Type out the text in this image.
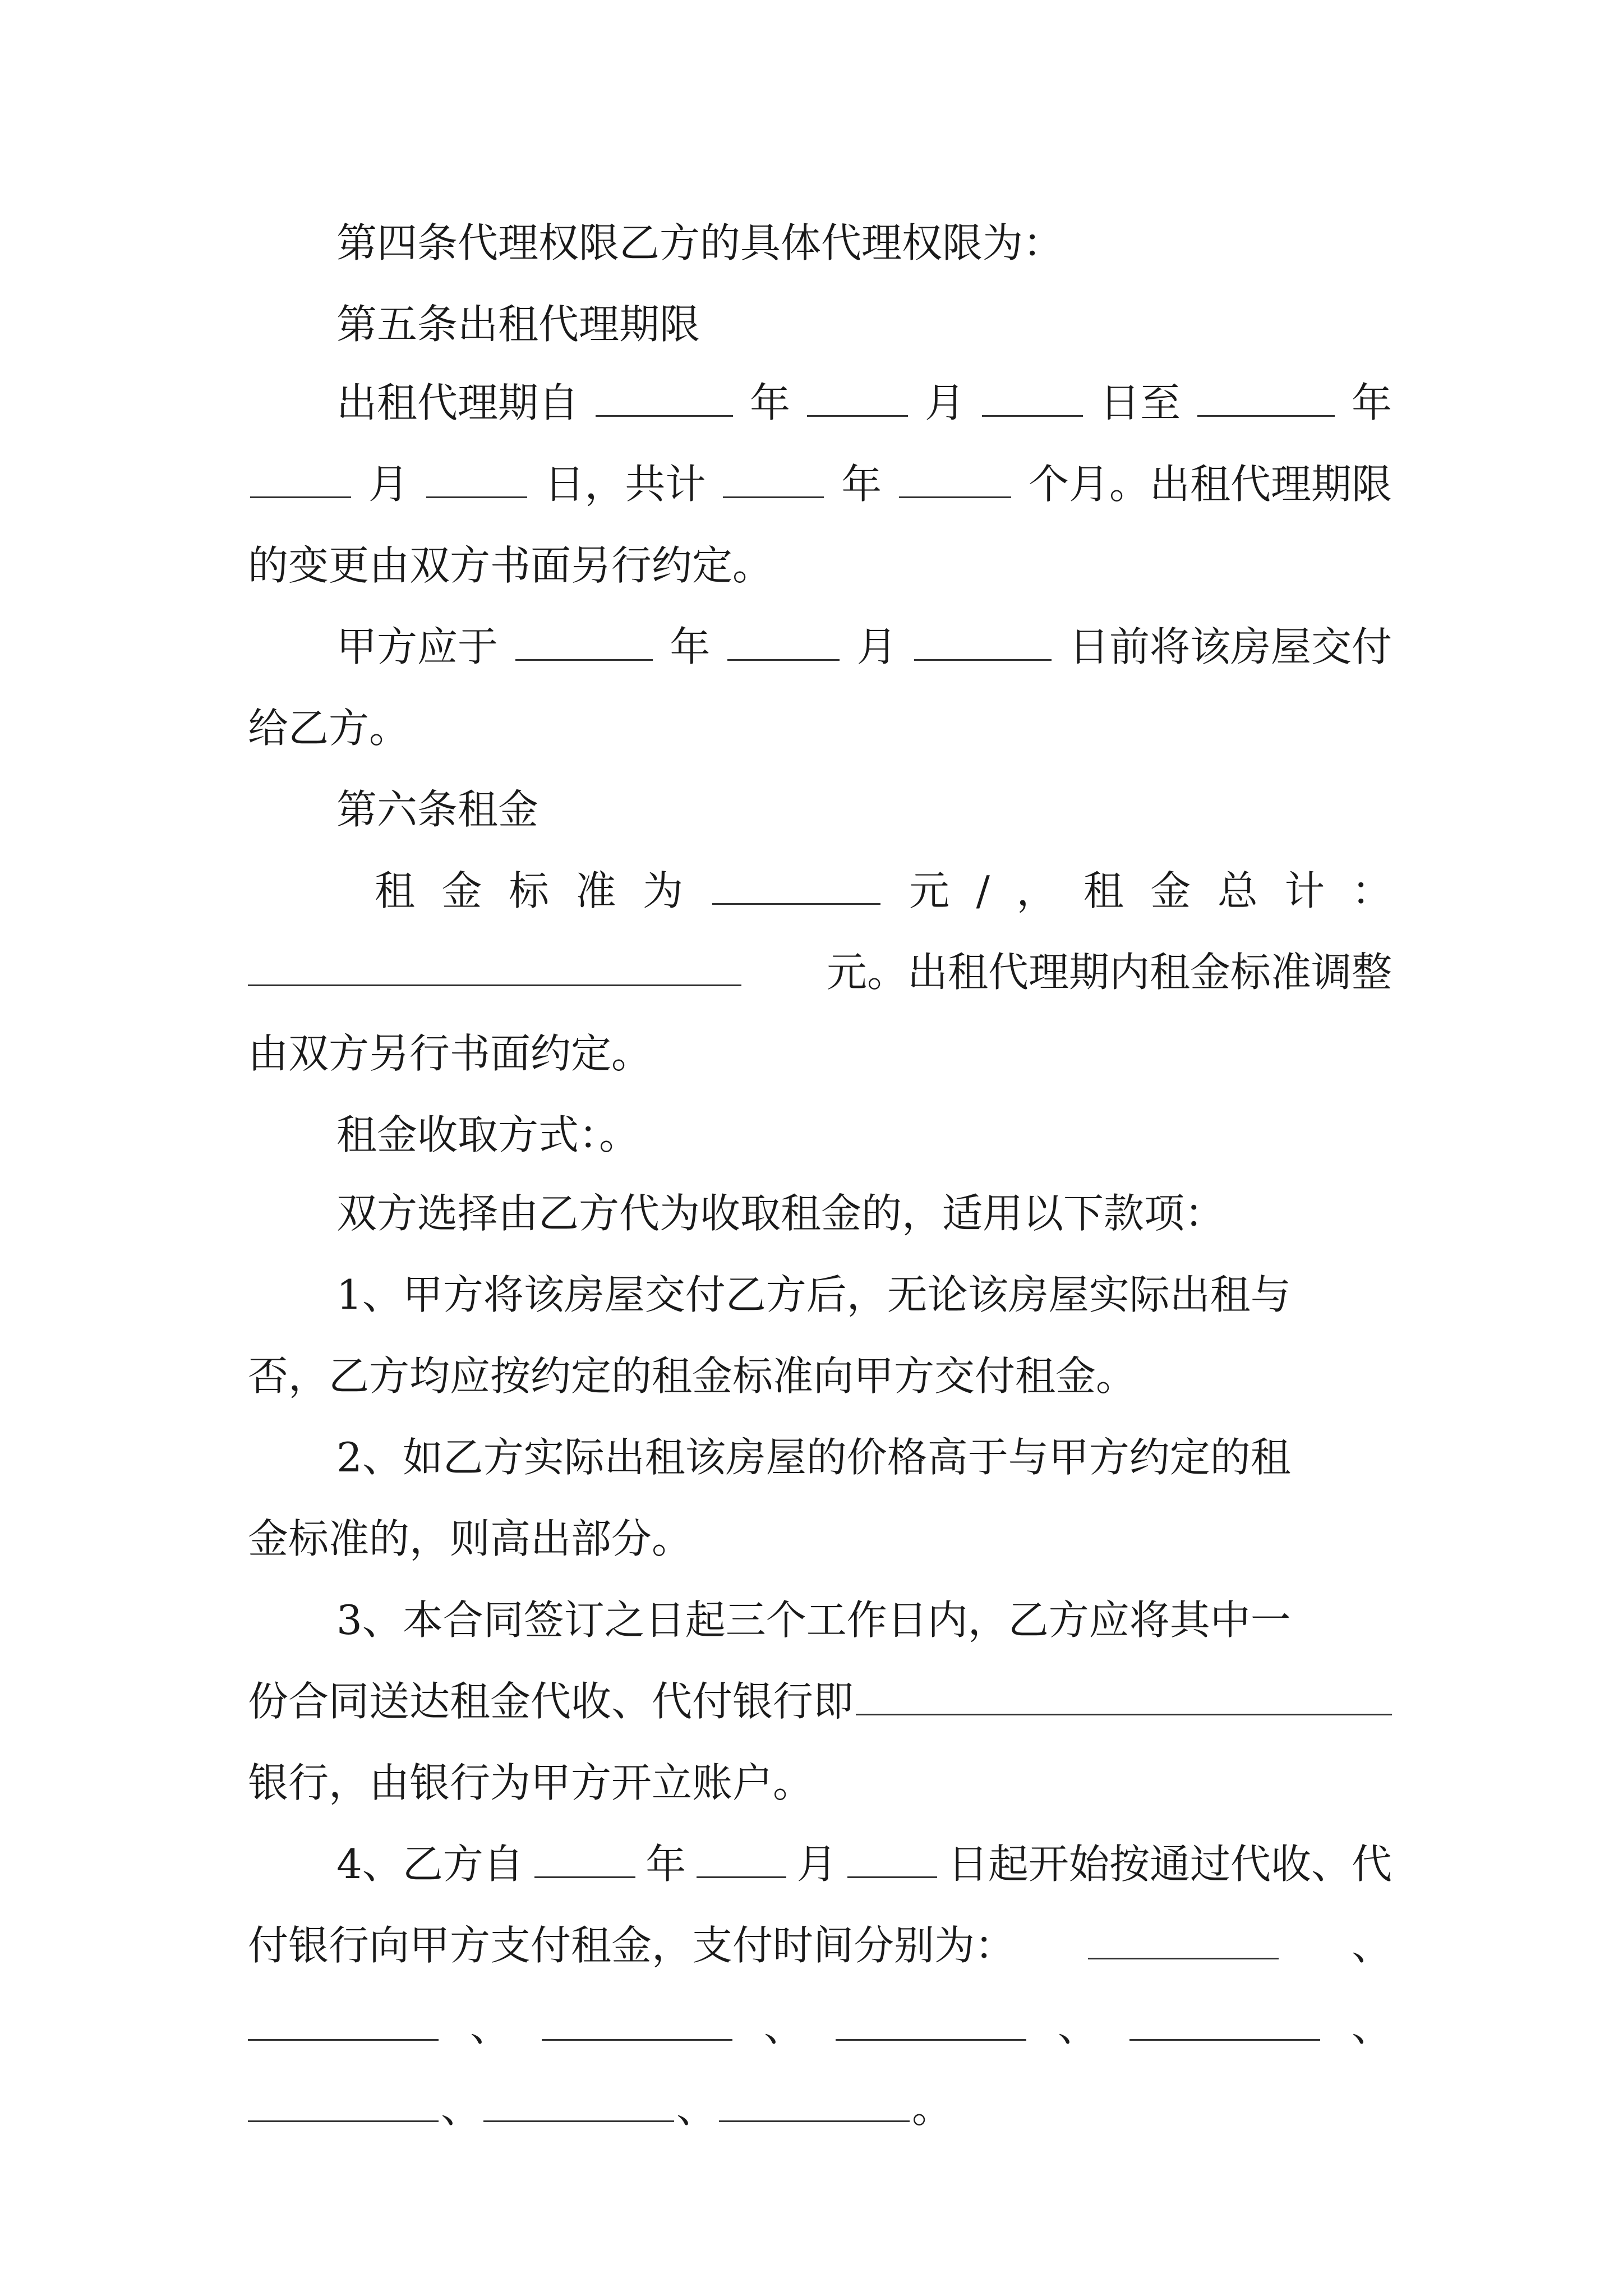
第四条代理权限乙方的具体代理权限为：
第五条出租代理期限
出租代理期自	年	月	日至	年
月	日，共计	年	个月。出租代理期限
的变更由双方书面另行约定。
甲方应于	年	月	日前将该房屋交付
给乙方。
第六条租金
租 金 标 准 为	元 / ， 租 金 总 计 ：
元。出租代理期内租金标准调整
由双方另行书面约定。
租金收取方式：。
双方选择由乙方代为收取租金的，适用以下款项：
1、甲方将该房屋交付乙方后，无论该房屋实际出租与
否，乙方均应按约定的租金标准向甲方交付租金。
2、如乙方实际出租该房屋的价格高于与甲方约定的租
金标准的，则高出部分。
3、本合同签订之日起三个工作日内，乙方应将其中一
份合同送达租金代收、代付银行即
银行，由银行为甲方开立账户。
4、乙方自	年	月	日起开始按通过代收、代
付银行向甲方支付租金，支付时间分别为：	、
、	、	、	、
、	、	。
